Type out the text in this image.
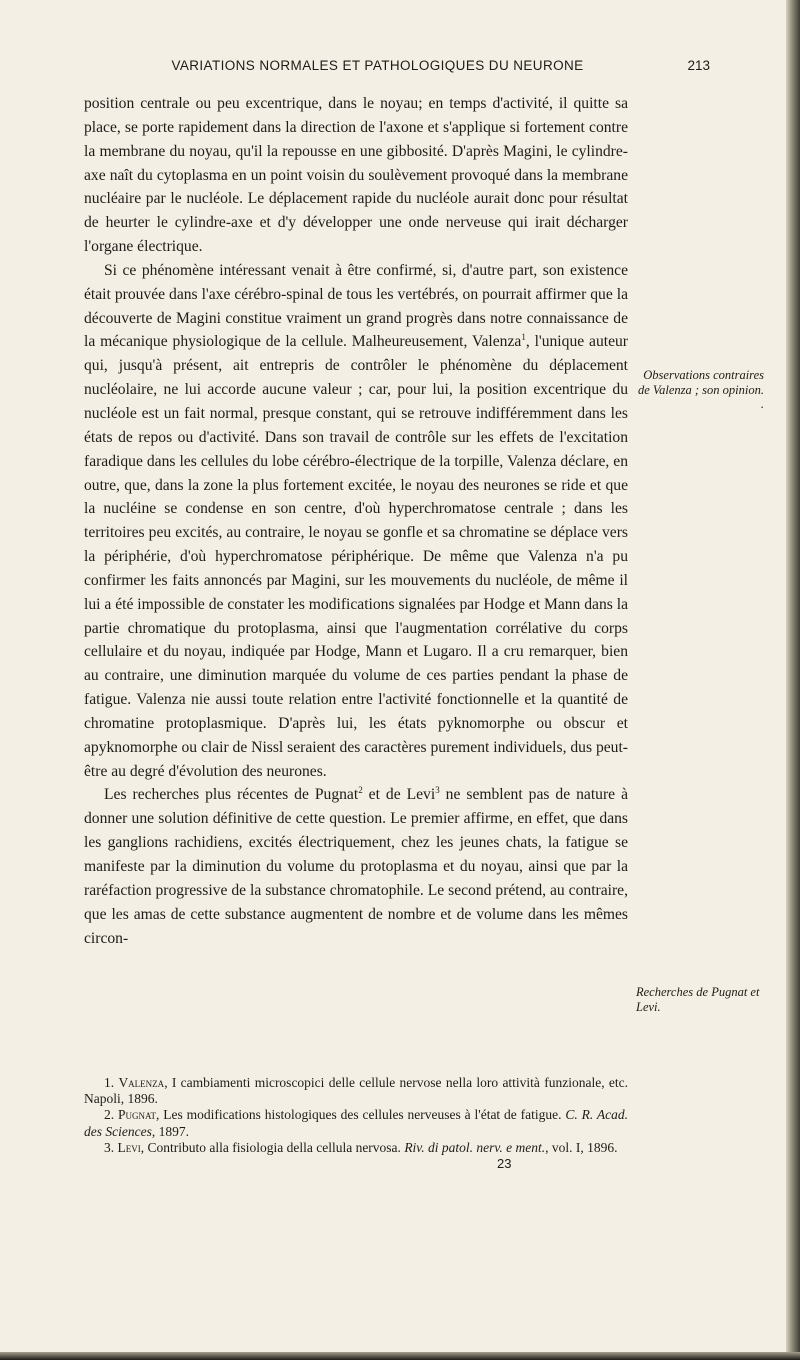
VARIATIONS NORMALES ET PATHOLOGIQUES DU NEURONE	213

position centrale ou peu excentrique, dans le noyau; en temps d'activité, il quitte sa place, se porte rapidement dans la direction de l'axone et s'applique si fortement contre la membrane du noyau, qu'il la repousse en une gibbosité. D'après Magini, le cylindre-axe naît du cytoplasma en un point voisin du soulèvement provoqué dans la membrane nucléaire par le nucléole. Le déplacement rapide du nucléole aurait donc pour résultat de heurter le cylindre-axe et d'y développer une onde nerveuse qui irait décharger l'organe électrique.

Si ce phénomène intéressant venait à être confirmé, si, d'autre part, son existence était prouvée dans l'axe cérébro-spinal de tous les vertébrés, on pourrait affirmer que la découverte de Magini constitue vraiment un grand progrès dans notre connaissance de la mécanique physiologique de la cellule. Malheureusement, Valenza$^1$, l'unique auteur qui, jusqu'à présent, ait entrepris de contrôler le phénomène du déplacement nucléolaire, ne lui accorde aucune valeur ; car, pour lui, la position excentrique du nucléole est un fait normal, presque constant, qui se retrouve indifféremment dans les états de repos ou d'activité. Dans son travail de contrôle sur les effets de l'excitation faradique dans les cellules du lobe cérébro-électrique de la torpille, Valenza déclare, en outre, que, dans la zone la plus fortement excitée, le noyau des neurones se ride et que la nucléine se condense en son centre, d'où hyperchromatose centrale ; dans les territoires peu excités, au contraire, le noyau se gonfle et sa chromatine se déplace vers la périphérie, d'où hyperchromatose périphérique. De même que Valenza n'a pu confirmer les faits annoncés par Magini, sur les mouvements du nucléole, de même il lui a été impossible de constater les modifications signalées par Hodge et Mann dans la partie chromatique du protoplasma, ainsi que l'augmentation corrélative du corps cellulaire et du noyau, indiquée par Hodge, Mann et Lugaro. Il a cru remarquer, bien au contraire, une diminution marquée du volume de ces parties pendant la phase de fatigue. Valenza nie aussi toute relation entre l'activité fonctionnelle et la quantité de chromatine protoplasmique. D'après lui, les états pyknomorphe ou obscur et apyknomorphe ou clair de Nissl seraient des caractères purement individuels, dus peut-être au degré d'évolution des neurones.

Les recherches plus récentes de Pugnat$^2$ et de Levi$^3$ ne semblent pas de nature à donner une solution définitive de cette question. Le premier affirme, en effet, que dans les ganglions rachidiens, excités électriquement, chez les jeunes chats, la fatigue se manifeste par la diminution du volume du protoplasma et du noyau, ainsi que par la raréfaction progressive de la substance chromatophile. Le second prétend, au contraire, que les amas de cette substance augmentent de nombre et de volume dans les mêmes circon-

Observations contraires de Valenza ; son opinion. .
Recherches de Pugnat et Levi.

1. Valenza, I cambiamenti microscopici delle cellule nervose nella loro attività funzionale, etc. Napoli, 1896.

2. Pugnat, Les modifications histologiques des cellules nerveuses à l'état de fatigue. C. R. Acad. des Sciences, 1897.

3. Levi, Contributo alla fisiologia della cellula nervosa. Riv. di patol. nerv. e ment., vol. I, 1896.

23
